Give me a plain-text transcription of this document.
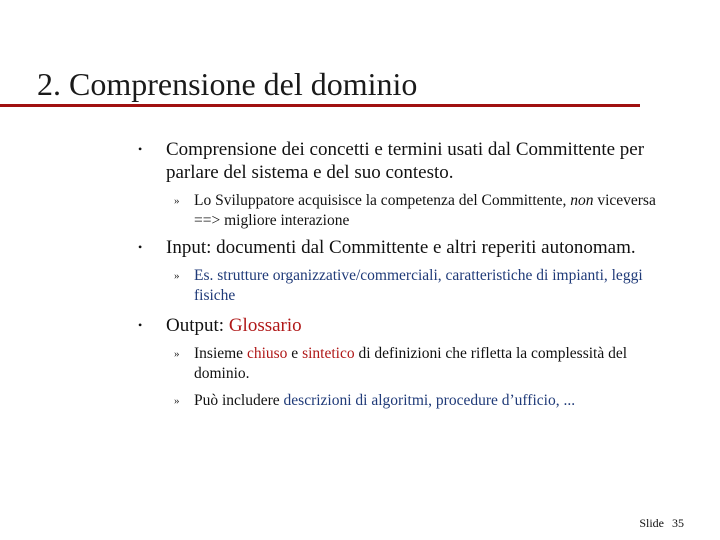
2. Comprensione del dominio
• Comprensione dei concetti e termini usati dal Committente per parlare del sistema e del suo contesto.
» Lo Sviluppatore acquisisce la competenza del Committente, non viceversa ==> migliore interazione
• Input: documenti dal Committente e altri reperiti autonomam.
» Es. strutture organizzative/commerciali, caratteristiche di impianti, leggi fisiche
• Output: Glossario
» Insieme chiuso e sintetico di definizioni che rifletta la complessità del dominio.
» Può includere descrizioni di algoritmi, procedure d’ufficio, ...
Slide 35
